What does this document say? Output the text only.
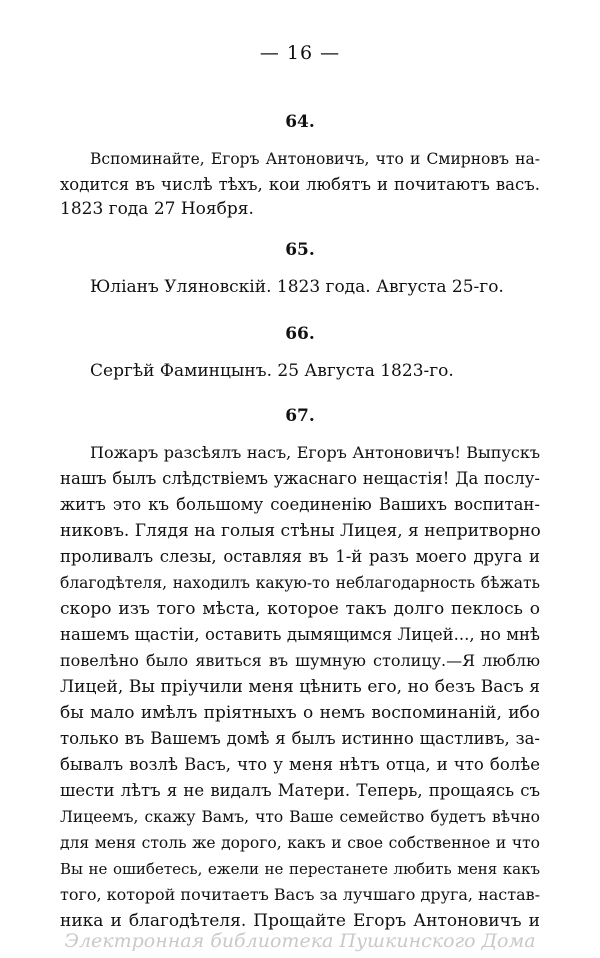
— 16 —
64.
Вспоминайте, Егоръ Антоновичъ, что и Смирновъ на-
ходится въ числѣ тѣхъ, кои любятъ и почитаютъ васъ.
1823 года 27 Ноября.
65.
Юліанъ Уляновскій. 1823 года. Августа 25-го.
66.
Сергѣй Фаминцынъ. 25 Августа 1823-го.
67.
Пожаръ разсѣялъ насъ, Егоръ Антоновичъ! Выпускъ
нашъ былъ слѣдствіемъ ужаснаго нещастія! Да послу-
житъ это къ большому соединенію Вашихъ воспитан-
никовъ. Глядя на голыя стѣны Лицея, я непритворно
проливалъ слезы, оставляя въ 1-й разъ моего друга и
благодѣтеля, находилъ какую-то неблагодарность бѣжать
скоро изъ того мѣста, которое такъ долго пеклось о
нашемъ щастіи, оставить дымящимся Лицей..., но мнѣ
повелѣно было явиться въ шумную столицу.—Я люблю
Лицей, Вы пріучили меня цѣнить его, но безъ Васъ я
бы мало имѣлъ пріятныхъ о немъ воспоминаній, ибо
только въ Вашемъ домѣ я былъ истинно щастливъ, за-
бывалъ возлѣ Васъ, что у меня нѣтъ отца, и что болѣе
шести лѣтъ я не видалъ Матери. Теперь, прощаясь съ
Лицеемъ, скажу Вамъ, что Ваше семейство будетъ вѣчно
для меня столь же дорого, какъ и свое собственное и что
Вы не ошибетесь, ежели не перестанете любить меня какъ
того, которой почитаетъ Васъ за лучшаго друга, настав-
ника и благодѣтеля. Прощайте Егоръ Антоновичъ и
Электронная библиотека Пушкинского Дома
